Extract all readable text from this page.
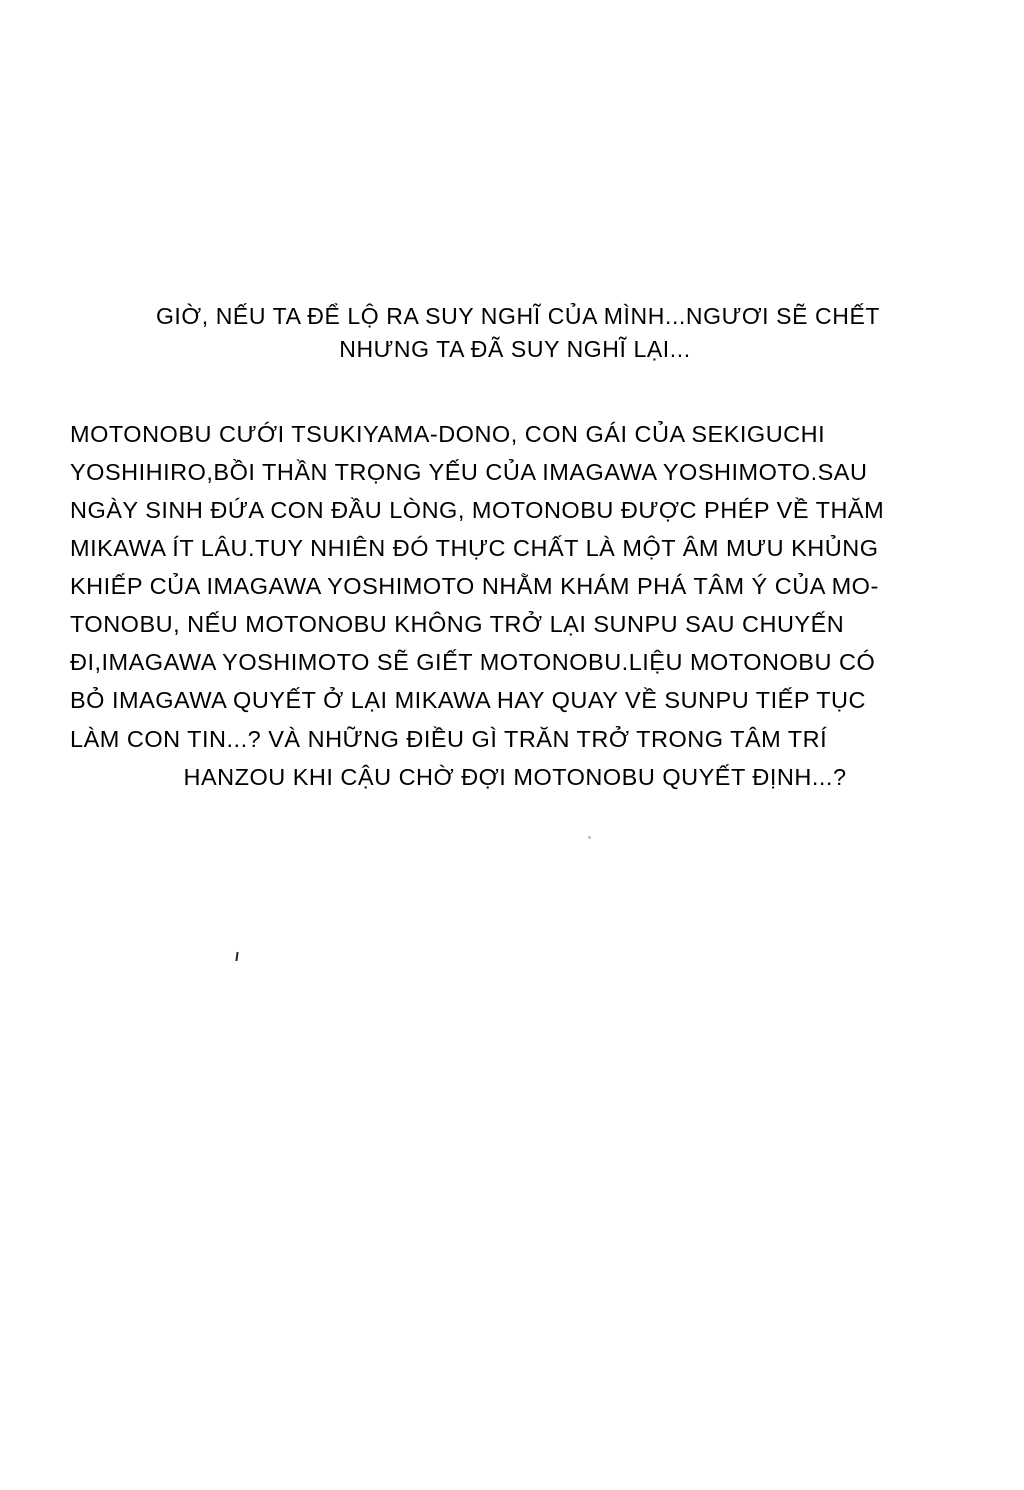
GIỜ, NẾU TA ĐỂ LỘ RA SUY NGHĨ CỦA MÌNH...NGƯƠI SẼ CHẾT
NHƯNG TA ĐÃ SUY NGHĨ LẠI...
MOTONOBU CƯỚI TSUKIYAMA-DONO, CON GÁI CỦA SEKIGUCHI
YOSHIHIRO,BỒI THẦN TRỌNG YẾU CỦA IMAGAWA YOSHIMOTO.SAU
NGÀY SINH ĐỨA CON ĐẦU LÒNG, MOTONOBU ĐƯỢC PHÉP VỀ THĂM
MIKAWA ÍT LÂU.TUY NHIÊN ĐÓ THỰC CHẤT LÀ MỘT ÂM MƯU KHỦNG
KHIẾP CỦA IMAGAWA YOSHIMOTO NHẰM KHÁM PHÁ TÂM Ý CỦA MO-
TONOBU, NẾU MOTONOBU KHÔNG TRỞ LẠI SUNPU SAU CHUYẾN
ĐI,IMAGAWA YOSHIMOTO SẼ GIẾT MOTONOBU.LIỆU MOTONOBU CÓ
BỎ IMAGAWA QUYẾT Ở LẠI MIKAWA HAY QUAY VỀ SUNPU TIẾP TỤC
LÀM CON TIN...? VÀ NHỮNG ĐIỀU GÌ TRĂN TRỞ TRONG TÂM TRÍ
HANZOU KHI CẬU CHỜ ĐỢI MOTONOBU QUYẾT ĐỊNH...?
